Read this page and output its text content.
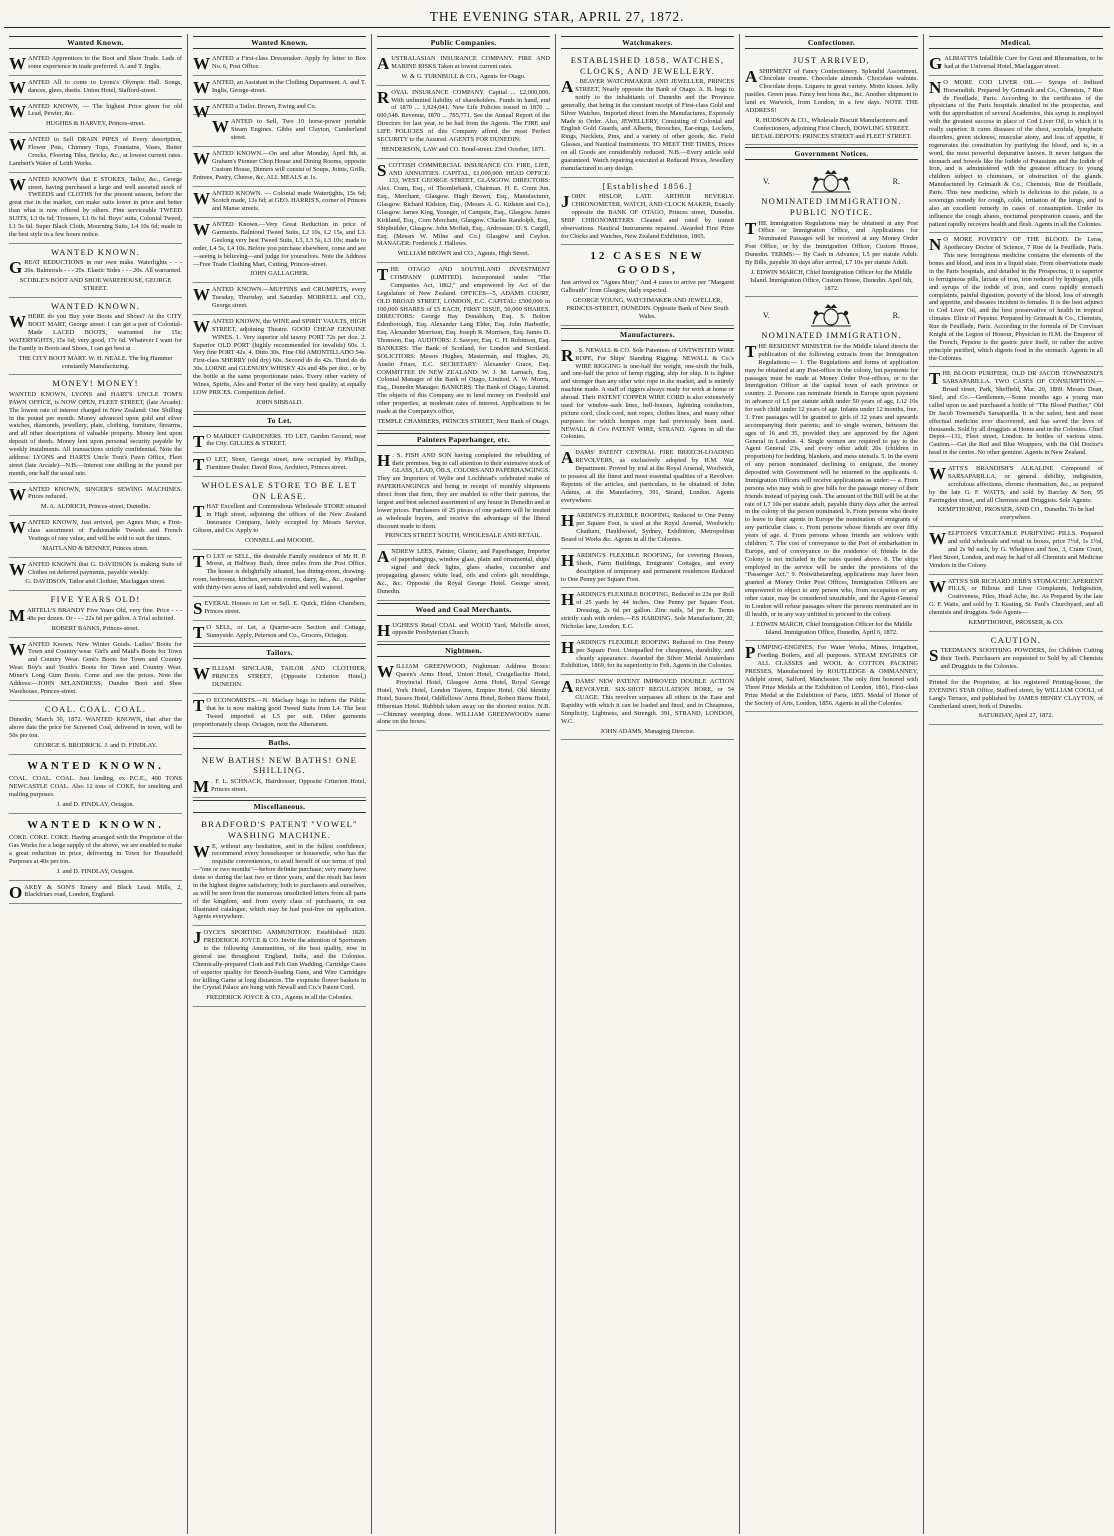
THE EVENING STAR, APRIL 27, 1872.
Wanted Known.
WANTED Apprentices to the Boot and Shoe Trade. Lads of some experience in trade preferred. A. and T. Inglis.
WANTED All to come to Lyons's Olympic Hall. Songs, dances, glees, duetts. Union Hotel, Stafford-street.
WANTED KNOWN, — The highest Price given for old Lead, Pewter, &c.
HUGHES & HARVEY, Princes-street.
WANTED to Sell DRAIN PIPES of Every description, Flower Pots, Chimney Tops, Fountains, Vases, Butter Crocks, Flooring Tiles, Bricks, &c., at lowest current rates. Lambert's Water of Leith Works.
WANTED KNOWN that E STOKES, Tailor, &c., George street, having purchased a large and well assorted stock of TWEEDS and CLOTHS for the present season, before the great rise in the market, can make suits lower in price and better than what is now offered by others. Fine serviceable TWEED SUITS, L3 0s 6d; Trousers, L1 0s 6d. Boys' suits, Colonial Tweed, L1 5s 6d. Super Black Cloth, Mourning Suits, L4 10s 6d; made in the best style in a few hours notice.
WANTED KNOWN.
GREAT REDUCTIONS in our own make. Waterlights - - - 20s. Balmorals - - - 20s. Elastic Sides - - - 20s. All warranted.
SCOBLE'S BOOT AND SHOE WAREHOUSE, GEORGE STREET.
WANTED KNOWN.
WHERE do you Buy your Boots and Shoes? At the CITY BOOT MART, George street: I can get a pair of Colonial-Made LACED BOOTS, warranted for 15s; WATERTIGHTS, 15s 6d; very good, 17s 6d. Whatever I want for the Family in Boots and Shoes, I can get best at
THE CITY BOOT MART. W. H. NEALE. The big Hammer constantly Manufacturing.
MONEY! MONEY!
WANTED KNOWN, LYONS and HART'S UNCLE TOM'S PAWN OFFICE, is NOW OPEN, FLEET STREET, (late Arcade). The lowest rate of interest charged in New Zealand: One Shilling in the pound per month. Money advanced upon gold and silver watches, diamonds, jewellery, plate, clothing, furniture, firearms, and all other descriptions of valuable property. Money lent upon deposit of deeds. Money lent upon personal security payable by weekly instalments. All transactions strictly confidential. Note the address: LYONS and HARTS Uncle Tom's Pawn Office, Fleet street (late Arcade)—N.B.—Interest one shilling in the pound per month, one half the usual rate.
WANTED KNOWN, SINGER'S SEWING MACHINES. Prices reduced.
M. A. ALDRICH, Princes-street, Dunedin.
WANTED KNOWN, Just arrived, per Agnes Muir, a First-class assortment of Fashionable Tweeds and French Vestings of rare value, and will be sold to suit the times.
MAITLAND & BENNET, Princes street.
WANTED KNOWN that G. DAVIDSON is making Suits of Clothes on deferred payments, payable weekly.
G. DAVIDSON, Tailor and Clothier, Maclaggan street.
FIVE YEARS OLD!
MARTELL'S BRANDY Five Years Old, very fine. Price - - - 48s per dozen. Or - - - 22s 6d per gallon. A Trial solicited.
ROBERT BANKS, Princes-street.
WANTED Known. New Winter Goods. Ladies' Boots for Town and Country wear. Girl's and Maid's Boots for Town and Country Wear. Gent's Boots for Town and Country Wear. Boy's and Youth's Boots for Town and Country Wear. Miner's Long Gum Boots. Come and see the prices. Note the Address:—JOHN M'LANDRESS, Dundee Boot and Shoe Warehouse, Princes-street.
COAL. COAL. COAL.
Dunedin, March 30, 1872. WANTED KNOWN, that after the above date the price for Screened Coal, delivered in town, will be 50s per ton.
GEORGE S. BRODRICK. J. and D. FINDLAY.
WANTED KNOWN.
COAL. COAL. COAL. Just landing, ex P.C.E., 400 TONS NEWCASTLE COAL. Also 12 tons of COKE, for smelting and malting purposes.
J. and D. FINDLAY, Octagon.
WANTED KNOWN.
COKE. COKE. COKE. Having arranged with the Proprietor of the Gas Works for a large supply of the above, we are enabled to make a great reduction in price, delivering in Town for Household Purposes at 40s per ton.
J. and D. FINDLAY, Octagon.
OAKEY & SON'S Emery and Black Lead. Mills, 2, Blackfriars road, London, England.
Wanted Known.
WANTED a First-class Dressmaker. Apply by letter to Box No. 6, Post Office.
WANTED, an Assistant in the Clothing Department. A. and T. Inglis, George-street.
WANTED a Tailor. Brown, Ewing and Co.
WANTED to Sell, Two 10 horse-power portable Steam Engines. Gibbs and Clayton, Cumberland street.
WANTED KNOWN.—On and after Monday, April 8th, at Graham's Pioneer Chop House and Dining Rooms, opposite Custom House, Dinners will consist of Soups, Joints, Grills, Entrees, Pastry, Cheese, &c. ALL MEALS at 1s.
WANTED KNOWN. — Colonial made Watertights, 15s 6d; Scotch made, 13s 6d; at GEO. HARRIS'S, corner of Princes and Manse streets.
WANTED Known.—Very Great Reduction in price of Garments. Balmoral Tweed Suits, L2 10s, L2 15s, and L3. Geelong very best Tweed Suits, L3, L3 5s, L3 10s; made to order, L4 5s, L4 10s. Before you purchase elsewhere, come and see—seeing is believing—and judge for yourselves. Note the Address—Free Trade Clothing Mart, Cutting, Princes-street.
JOHN GALLAGHER.
WANTED KNOWN.—MUFFINS and CRUMPETS, every Tuesday, Thursday, and Saturday. MORRELL and CO., George street.
WANTED KNOWN, the WINE and SPIRIT VAULTS, HIGH STREET, adjoining Theatre. GOOD CHEAP GENUINE WINES. 1. Very superior old tawny PORT 72s per doz. 2. Superior OLD PORT (highly recommended for invalids) 60s. 3. Very fine PORT 42s. 4. Ditto 30s. Fine Old AMONTILLADO 54s. First-class SHERRY (old dry) 60s. Second do do 42s. Third do do 30s. LORNE and GLENURY WHISKY 42s and 48s per doz., or by the bottle at the same proportionate rates. Every other variety of Wines, Spirits, Ales and Porter of the very best quality, at equally LOW PRICES. Competition defied.
JOHN SIBBALD.
To Let.
T O MARKET GARDENERS. TO LET, Garden Ground, near the City. GILLIES & STREET.
T O LET, Store, George street, now occupied by Phillips, Furniture Dealer. David Ross, Architect, Princes street.
WHOLESALE STORE TO BE LET ON LEASE.
THAT Excellent and Commodious Wholesale STORE situated in High street, adjoining the offices of the New Zealand Insurance Company, lately occupied by Messrs Service, Gibson, and Co. Apply to
CONNELL and MOODIE.
T O LET or SELL, the desirable Family residence of Mr H. P. Morse, at Halfway Bush, three miles from the Post Office. The house is delightfully situated, has dining-room, drawing-room, bedrooms, kitchen, servants rooms, dairy, &c., &c., together with thirty-two acres of land, subdivided and well watered.
SEVERAL Houses to Let or Sell. E. Quick, Eldon Chambers, Princes street.
T O SELL, or Let, a Quarter-acre Section and Cottage, Sunnyside. Apply, Peterson and Co., Grocers, Octagon.
Tailors.
WILLIAM SINCLAIR, TAILOR AND CLOTHIER, PRINCES STREET, (Opposite Criterion Hotel,) DUNEDIN.
T O ECONOMISTS.—N. Maclsay begs to inform the Public that he is now making good Tweed Suits from L4. The best Tweed imported at L5 per suit. Other garments proportionately cheap. Octagon, next the Athenæum.
Baths.
NEW BATHS! NEW BATHS! ONE SHILLING.
M . F. L. SCHNACK, Hairdresser, Opposite Criterion Hotel, Princes street.
Miscellaneous.
BRADFORD'S PATENT "VOWEL" WASHING MACHINE.
W E, without any hesitation, and in the fullest confidence, recommend every housekeeper or housewife, who has the requisite conveniences, to avail herself of our terms of trial—"one or two months"—before definite purchase; very many have done so during the last two or three years, and the result has been in the highest degree satisfactory, both to purchasers and ourselves, as will be seen from the numerous unsolicited letters from all parts of the kingdom, and from every class of purchasers, in our illustrated catalogue, which may be had post-free on application. Agents everywhere.
JOYCE'S SPORTING AMMUNITION. Established 1820. FREDERICK JOYCE & CO. Invite the attention of Sportsmen to the following Ammunition, of the best quality, now in general use throughout England, India, and the Colonies. Chemically-prepared Cloth and Felt Gun Wadding, Cartridge Cases of superior quality for Breech-loading Guns, and Wire Cartridges for killing Game at long distances. The exquisite flower baskets in the Crystal Palace are hung with Newall and Co.'s Patent Cord.
FREDERICK JOYCE & CO., Agents in all the Colonies.
Public Companies.
AUSTRALASIAN INSURANCE COMPANY. FIRE AND MARINE RISKS Taken at lowest current rates.
W. & G. TURNBULL & CO., Agents for Otago.
ROYAL INSURANCE COMPANY. Capital ... £2,000,000. With unlimited liability of shareholders. Funds in hand, end of 1870 ... 1,924,041. New Life Policies issued in 1870 ... 600,548. Revenue, 1870 ... 785,771. See the Annual Report of the Directors for last year, to be had from the Agents. The FIRE and LIFE POLICIES of this Company afford the most Perfect SECURITY to the Assured. AGENTS FOR DUNEDIN:
HENDERSON, LAW and CO. Bond-street. 23rd October, 1871.
SCOTTISH COMMERCIAL INSURANCE CO. FIRE, LIFE, AND ANNUITIES. CAPITAL, £1,000,000. HEAD OFFICE: 133, WEST GEORGE STREET, GLASGOW. DIRECTORS: Alex. Cram, Esq., of Thornliebank, Chairman. H. E. Crum Jun. Esq., Merchant, Glasgow. Hugh Brown, Esq., Manufacturer, Glasgow. Richard Kidston, Esq., (Messrs A. G. Kidston and Co.), Glasgow. James King, Younger, of Campsie, Esq., Glasgow. James Kirkland, Esq., Corn Merchant, Glasgow. Charles Randolph, Esq., Shipbuilder, Glasgow. John Moffatt, Esq., Ardrossan. D. S. Cargill, Esq. (Messrs W. Milne and Co.) Glasgow and Ceylon. MANAGER: Frederick J. Hallows.
WILLIAM BROWN and CO., Agents, High Street.
THE OTAGO AND SOUTHLAND INVESTMENT COMPANY (LIMITED). Incorporated under "The Companies Act, 1862," and empowered by Act of the Legislature of New Zealand. OFFICES—5, ADAMS COURT, OLD BROAD STREET, LONDON, E.C. CAPITAL: £500,000 in 100,000 SHARES of £5 EACH, FIRST ISSUE, 50,000 SHARES. DIRECTORS: George Hay Donaldson, Esq. S. Bolton Edenborough, Esq. Alexander Lang Elder, Esq. John Harbottle, Esq. Alexander Morrison, Esq. Joseph R. Morrison, Esq. James D. Thomson, Esq. AUDITORS: J. Sawyer, Esq. C. H. Robinson, Esq. BANKERS: The Bank of Scotland, for London and Scotland. SOLICITORS: Messrs Hughes, Masterman, and Hughes, 26, Austin Friars, E.C. SECRETARY: Alexander Grace, Esq. COMMITTEE IN NEW ZEALAND: W. J. M. Larnach, Esq., Colonial Manager of the Bank of Otago, Limited. A. W. Morris, Esq., Dunedin Manager. BANKERS: The Bank of Otago, Limited. The objects of this Company are to lend money on Freehold and other properties, at moderate rates of interest. Applications to be made at the Company's office,
TEMPLE CHAMBERS, PRINCES STREET, Next Bank of Otago.
Painters Paperhanger, etc.
H . S. FISH AND SON having completed the rebuilding of their premises, beg to call attention to their extensive stock of GLASS, LEAD, OILS, COLORS AND PAPERHANGINGS. They are Importers of Wylie and Lochhead's celebrated make of PAPERHANGINGS and being in receipt of monthly shipments direct from that firm, they are enabled to offer their patrons, the largest and best selected assortment of any house in Dunedin and at lower prices. Purchasers of 25 pieces of one pattern will be treated as wholesale buyers, and receive the advantage of the liberal discount made to them.
PRINCES STREET SOUTH, WHOLESALE AND RETAIL.
ANDREW LEES, Painter, Glazier, and Paperhanger, Importer of paperhangings, window glass, plain and ornamental, ships' signal and deck lights, glass shades, cucumber and propagating glasses; white lead, oils and colors gilt mouldings, &c., &c. Opposite the Royal George Hotel. George street, Dunedin.
Wood and Coal Merchants.
HUGHES'S Retail COAL and WOOD Yard, Melville street, opposite Presbyterian Church.
Nightmen.
WILLIAM GREENWOOD, Nightman. Address Boxes: Queen's Arms Hotel, Union Hotel, Craigellachie Hotel, Provincial Hotel, Glasgow Arms Hotel, Royal George Hotel, York Hotel, London Tavern, Empire Hotel, Old Identity Hotel, Sussex Hotel, Oddfellows' Arms Hotel, Robert Burns Hotel, Hibernian Hotel. Rubbish taken away on the shortest notice. N.B.—Chimney sweeping done. WILLIAM GREENWOOD's name alone on the boxes.
Watchmakers.
ESTABLISHED 1858. WATCHES, CLOCKS, AND JEWELLERY.
A . BEAVER WATCHMAKER AND JEWELLER, PRINCES STREET, Nearly opposite the Bank of Otago. A. B. begs to notify to the inhabitants of Dunedin and the Province generally, that being in the constant receipt of First-class Gold and Silver Watches, Imported direct from the Manufactures, Expressly Made to Order. Also, JEWELLERY, Consisting of Colonial and English Gold Guards, and Alberts, Brooches, Ear-rings, Lockets, Rings, Necklets, Pins, and a variety of other goods, &c. Field Glasses, and Nautical Instruments. TO MEET THE TIMES, Prices on all Goods are considerably reduced. N.B.—Every article sold guaranteed. Watch repairing executed at Reduced Prices, Jewellery manufactured to any design.
[Established 1856.]
JOHN HISLOP, LATE ARTHUR BEVERLY. CHRONOMETER, WATCH, AND CLOCK MAKER, Exactly opposite the BANK OF OTAGO, Princes street, Dunedin. SHIP CHRONOMETERS Cleaned and rated by transit observations. Nautical Instruments repaired. Awarded First Prize for Clocks and Watches, New Zealand Exhibition, 1865.
12 CASES NEW GOODS,
Just arrived ex "Agnes Muir," And 4 cases to arrive per "Margaret Galbraith" from Glasgow, daily expected.
GEORGE YOUNG, WATCHMAKER AND JEWELLER, PRINCES-STREET, DUNEDIN. Opposite Bank of New South Wales.
Manufacturers.
R . S. NEWALL & CO. Sole Patentees of UNTWISTED WIRE ROPE, For Ships' Standing Rigging. NEWALL & Co.'s WIRE RIGGING is one-half the weight, one-sixth the bulk, and one-half the price of hemp rigging, ship for ship. It is lighter and stronger than any other wire rope in the market, and is entirely machine made. A staff of riggers always ready for work at home or abroad. Their PATENT COPPER WIRE CORD is also extensively used for window-sash lines, bell-houses, lightning conductors, picture cord, clock cord, tent ropes, clothes lines, and many other purposes for which hempen rope had previously been used. NEWALL & Co's PATENT WIRE, STRAND. Agents in all the Colonies.
ADAMS' PATENT CENTRAL FIRE BREECH-LOADING REVOLVERS, as exclusively adopted by H.M. War Department. Proved by trial at the Royal Arsenal, Woolwich, to possess all the finest and most essential qualities of a Revolver. Reprints of the articles, and particulars, to be obtained of John Adams, at the Manufactory, 391, Strand, London. Agents everywhere.
HARDING'S FLEXIBLE ROOFING, Reduced to One Penny per Square Foot, is used at the Royal Arsenal, Woolwich; Chatham, Hauldwood, Sydney, Exhibition, Metropolitan Board of Works &c. Agents in all the Colonies.
HARDING'S FLEXIBLE ROOFING, for covering Houses, Sheds, Farm Buildings, Emigrants' Cottages, and every description of temporary and permanent residences Reduced to One Penny per Square Foot.
HARDING'S FLEXIBLE ROOFING, Reduced to 23s per Roll of 25 yards by 44 inches. One Penny per Square Foot. Dressing, 2s 6d per gallon. Zinc nails, 5d per lb. Terms strictly cash with orders.—ES HARDING. Sole Manufacturer, 20, Nicholas lane, London. E.C.
HARDING'S FLEXIBLE ROOFING Reduced to One Penny per Square Foot. Unequalled for cheapness, durability, and cleanly appearance. Awarded the Silver Medal Amsterdam Exhibition, 1869, for its superiority to Felt. Agents in the Colonies.
ADAMS' NEW PATENT IMPROVED DOUBLE ACTION REVOLVER. SIX-SHOT REGULATION BORE, or 54 GUAGE. This revolver surpasses all others in the Ease and Rapidity with which it can be loaded and fired, and in Cheapness, Simplicity, Lightness, and Strength. 391, STRAND, LONDON, W.C.
JOHN ADAMS, Managing Director.
Confectioner.
JUST ARRIVED,
ASHIPMENT of Fancy Confectionery. Splendid Assortment. Chocolate creams. Chocolate almonds. Chocolate walnuts. Chocolate drops. Liquers in great variety. Motto kisses. Jelly pastiles. Green peas. Fancy bon bons &c., &c. Another shipment to land ex Warwick, from London, in a few days. NOTE THE ADDRESS!
R. HUDSON & CO., Wholesale Biscuit Manufacturers and Confectioners, adjoining First Church, DOWLING STREET. RETAIL DEPOTS: PRINCES STREET and FLEET STREET.
Government Notices.
V.	R.
NOMINATED IMMIGRATION. PUBLIC NOTICE.
THE Immigration Regulations may be obtained at any Post Office or Immigration Office, and Applications for Nominated Passages will be received at any Money Order Post Office, or by the Immigration Officer, Custom House, Dunedin. TERMS:— By Cash in Advance, L5 per statute Adult. By Bills, payable 30 days after arrival, L7 10s per statute Adult.
J. EDWIN MARCH, Chief Immigration Officer for the Middle Island. Immigration Office, Custom House, Dunedin. April 6th, 1872.
V.	R.
NOMINATED IMMIGRATION.
THE RESIDENT MINISTER for the Middle Island directs the publication of the following extracts from the Immigration Regulations:— 1. The Regulations and forms of application may be obtained at any Post-office in the colony, but payments for passages must be made at Money Order Post-offices, or to the Immigration Officer at the capital town of each province or country. 2. Persons can nominate friends in Europe upon payment in advance of L5 per statute adult under 50 years of age, L12 10s for each child under 12 years of age. Infants under 12 months, free. 3. Free passages will be granted to girls of 12 years and upwards accompanying their parents; and to single women, between the ages of 16 and 35, provided they are approved by the Agent General in London. 4. Single women are required to pay to the Agent General 23s, and every other adult 20s (children in proportion) for bedding, blankets, and mess utensils. 5. In the event of any person nominated declining to emigrate, the money deposited with Government will be returned to the applicants. 6. Immigration Officers will receive applications as under:— a. From persons who may wish to give bills for the passage money of their friends instead of paying cash. The amount of the Bill will be at the rate of L7 10s per statute adult, payable thirty days after the arrival in the colony of the person nominated. b. From persons who desire to leave to their agents in Europe the nomination of emigrants of any particular class. c. From persons whose friends are over fifty years of age. d. From persons whose friends are widows with children. 7. The cost of conveyance to the Port of embarkation in Europe, and of conveyance to the residence of friends in the Colony is not included in the rates quoted above. 8. The ships employed in the service will be under the provisions of the "Passenger Act." 9. Notwithstanding applications may have been granted at Money Order Post Offices, Immigration Officers are empowered to object to any person who, from occupation or any other cause, may be considered unsuitable, and the Agent-General in London will refuse passages where the persons nominated are in ill health, or in any way unfitted to proceed to the colony.
J. EDWIN MARCH, Chief Immigration Officer for the Middle Island. Immigration Office, Dunedin, April 6, 1872.
PUMPING-ENGINES. For Water Works, Mines, Irrigation, Feeding Boilers, and all purposes. STEAM ENGINES OF ALL CLASSES and WOOL & COTTON PACKING PRESSES, Manufactured by ROUTLEDGE & OMMANNEY, Adelphi street, Salford, Manchester. The only firm honored with Three Prize Medals at the Exhibition of London, 1861, First-class Prize Medal at the Exhibition of Paris, 1855. Medal of Honor of the Society of Arts, London, 1856. Agents in all the Colonies.
Medical.
GALBIATTI'S Infallible Cure for Gout and Rheumatism, to be had at the Universal Hotel, Maclaggan street.
N O MORE COD LIVER OIL.— Syrups of Iodized Horseradish. Prepared by Grimault and Co., Chemists, 7 Rue de Feuillade, Paris. According to the certificates of the physicians of the Paris hospitals detailed in the prospectus, and with the approbation of several Academies, this syrup is employed with the greatest success in place of Cod Liver Oil, to which it is really superior. It cures diseases of the chest, scrofula, lymphatic disorders, green sickness, muscular atony, and loss of appetite, it regenerates the constitution by purifying the blood, and is, in a word, the most powerful depurative known. It never fatigues the stomach and bowels like the Iodide of Potassium and the Iodide of Iron, and is administered with the greatest efficacy to young children subject to chumours, or obstruction of the glands. Manufactured by Grimault & Co., Chemists, Rue de Feuillade, Paris. This new medicine, which is delicious to the palate, is a sovereign remedy for cough, colds, irritation of the lungs, and is also an excellent remedy in cases of consumption. Under its influence the cough abates, nocturnal perspiration ceases, and the patient rapidly recovers health and flesh. Agents in all the Colonies.
N O MORE POVERTY OF THE BLOOD. Dr Leras, Apothecary Doctor of Science, 7 Rue de la Feuillade, Paris. This new ferruginous medicine contains the elements of the bones and blood, and iron in a liquid state. From observations made in the Paris hospitals, and detailed in the Prospectus, it is superior to ferruginous pills, lactate of iron, iron reduced by hydrogen, pills and syrups of the iodide of iron, and cures rapidly stomach complaints, painful digestion, poverty of the blood, loss of strength and appetite, and diseases incident to females. It is the best adjunct to Cod Liver Oil, and the best preservative of health in tropical climates. Elixir of Pepsine. Prepared by Grimault & Co., Chemists, Rue de Feuillade, Paris. According to the formula of Dr Corvisart Knight of the Legion of Honour, Physician to H.M. the Emperor of the French, Pepsine is the gastric juice itself, or rather the active principle purified, which digests food in the stomach. Agents in all the Colonies.
THE BLOOD PURIFIER, OLD DR JACOB TOWNSEND'S SARSAPARILLA. TWO CASES OF CONSUMPTION.—Broad street, Park, Sheffield, Mar. 20, 1869. Messrs Dean, Steel, and Co.—Gentlemen,—Some months ago a young man called upon us and purchased a bottle of "The Blood Purifier," Old Dr Jacob Townsend's Sarsaparilla. It is the safest, best and most effectual medicine ever discovered, and has saved the lives of thousands. Sold by all druggists at Home and in the Colonies. Chief Depot—131, Fleet street, London. In bottles of various sizes. Caution.—Get the Red and Blue Wrappers, with the Old Doctor's head in the centre. No other genuine. Agents in New Zealand.
WATTS'S BRANDISH'S ALKALINE Compound of SARSAPARILLA, or general debility, indigestion, scrofulous affections, chronic rheumatism, &c., as prepared by the late G. F. WATTS, and sold by Barclay & Son, 95 Farringdon street, and all Chemists and Druggists. Sole Agents:
KEMPTHORNE, PROSSER, AND CO., Dunedin. To be had everywhere.
WELPTON'S VEGETABLE PURIFYING PILLS. Prepared and sold wholesale and retail in boxes, price 7½d, 1s 1½d, and 2s 9d each, by G. Whelpton and Son, 3, Crane Court, Fleet Street, London, and may be had of all Chemists and Medicine Vendors in the Colony.
WATTS'S SIR RICHARD JEBB'S STOMACHIC APERIENT PILLS, or Bilious and Liver Complaints, Indigestion, Costiveness, Piles, Head Ache, &c. As Prepared by the late G. F. Watts, and sold by T. Keating, St. Paul's Churchyard, and all chemists and druggists. Sole Agents—
KEMPTHORNE, PROSSER, & CO.
CAUTION.
STEEDMAN'S SOOTHING POWDERS, for Children Cutting their Teeth. Purchasers are requested to Sold by all Chemists and Druggists in the Colonies.
Printed for the Proprietor, at his registered Printing-house, the EVENING STAR Office, Stafford street, by WILLIAM COOLI, of Lang's Terrace, and published by JAMES HENRY CLAYTON, of Cumberland street, both of Dunedin.
SATURDAY, April 27, 1872.
